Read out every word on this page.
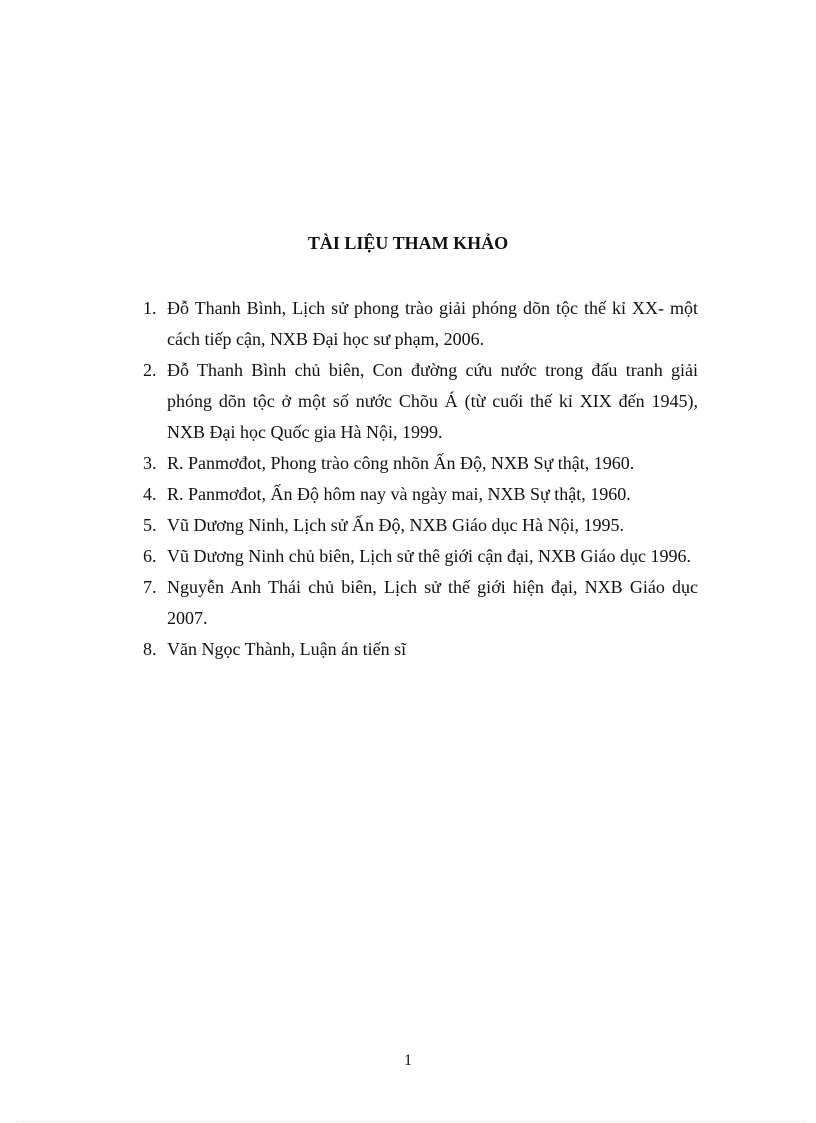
TÀI LIỆU THAM KHẢO
1. Đỗ Thanh Bình, Lịch sử phong trào giải phóng dõn tộc thế kỉ XX- một cách tiếp cận, NXB Đại học sư phạm, 2006.
2. Đỗ Thanh Bình chủ biên, Con đường cứu nước trong đấu tranh giải phóng dõn tộc ở một số nước Chõu Á (từ cuối thế kỉ XIX đến 1945), NXB Đại học Quốc gia Hà Nội, 1999.
3. R. Panmơđot, Phong trào công nhõn Ấn Độ, NXB Sự thật, 1960.
4. R. Panmơđot, Ấn Độ hôm nay và ngày mai, NXB Sự thật, 1960.
5. Vũ Dương Ninh, Lịch sử Ấn Độ, NXB Giáo dục Hà Nội, 1995.
6. Vũ Dương Ninh chủ biên, Lịch sử thê giới cận đại, NXB Giáo dục 1996.
7. Nguyễn Anh Thái chủ biên, Lịch sử thế giới hiện đại, NXB Giáo dục 2007.
8. Văn Ngọc Thành, Luận án tiến sĩ
1
